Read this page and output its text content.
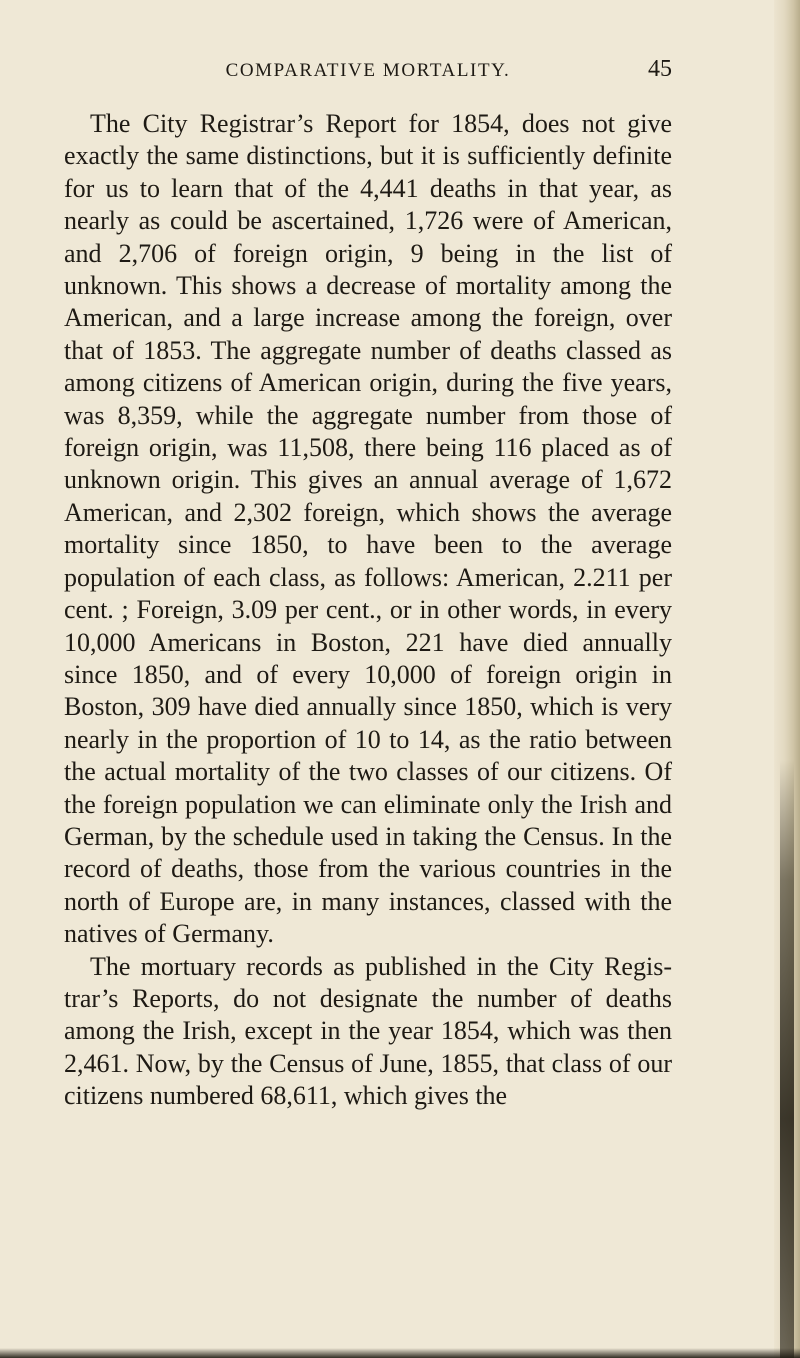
COMPARATIVE MORTALITY.	45

The City Registrar’s Report for 1854, does not give exactly the same distinctions, but it is sufficiently definite for us to learn that of the 4,441 deaths in that year, as nearly as could be ascertained, 1,726 were of American, and 2,706 of foreign origin, 9 being in the list of unknown. This shows a decrease of mortality among the American, and a large increase among the foreign, over that of 1853. The aggregate number of deaths classed as among citizens of American origin, during the five years, was 8,359, while the aggregate number from those of foreign origin, was 11,508, there being 116 placed as of unknown origin. This gives an annual average of 1,672 American, and 2,302 foreign, which shows the average mortality since 1850, to have been to the average population of each class, as follows: American, 2.211 per cent. ; Foreign, 3.09 per cent., or in other words, in every 10,000 Americans in Boston, 221 have died annually since 1850, and of every 10,000 of foreign origin in Boston, 309 have died annually since 1850, which is very nearly in the proportion of 10 to 14, as the ratio between the actual mortality of the two classes of our citizens. Of the foreign population we can eliminate only the Irish and German, by the schedule used in taking the Census. In the record of deaths, those from the various countries in the north of Europe are, in many instances, classed with the natives of Germany.

The mortuary records as published in the City Registrar’s Reports, do not designate the number of deaths among the Irish, except in the year 1854, which was then 2,461. Now, by the Census of June, 1855, that class of our citizens numbered 68,611, which gives the
